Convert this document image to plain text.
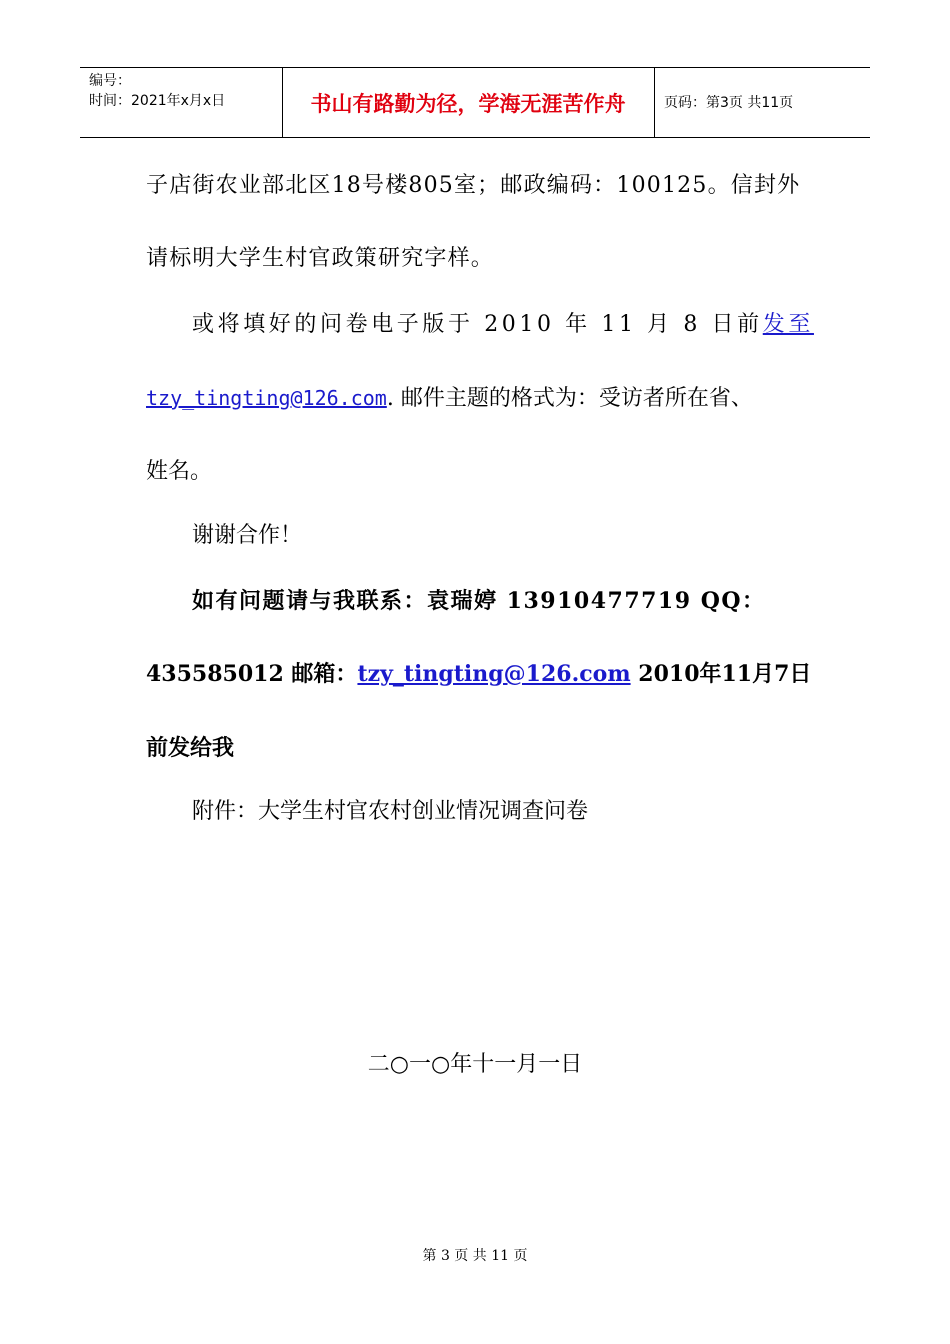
编号：
时间：2021年x月x日	书山有路勤为径，学海无涯苦作舟	页码：第3页 共11页
子店街农业部北区18号楼805室；邮政编码：100125。信封外
请标明大学生村官政策研究字样。
或将填好的问卷电子版于 2010 年 11 月 8 日前发至
tzy_tingting@126.com. 邮件主题的格式为：受访者所在省、
姓名。
谢谢合作！
如有问题请与我联系：袁瑞婷 13910477719 QQ：
435585012 邮箱：tzy_tingting@126.com 2010年11月7日
前发给我
附件：大学生村官农村创业情况调查问卷
二○一○年十一月一日
第 3 页 共 11 页
